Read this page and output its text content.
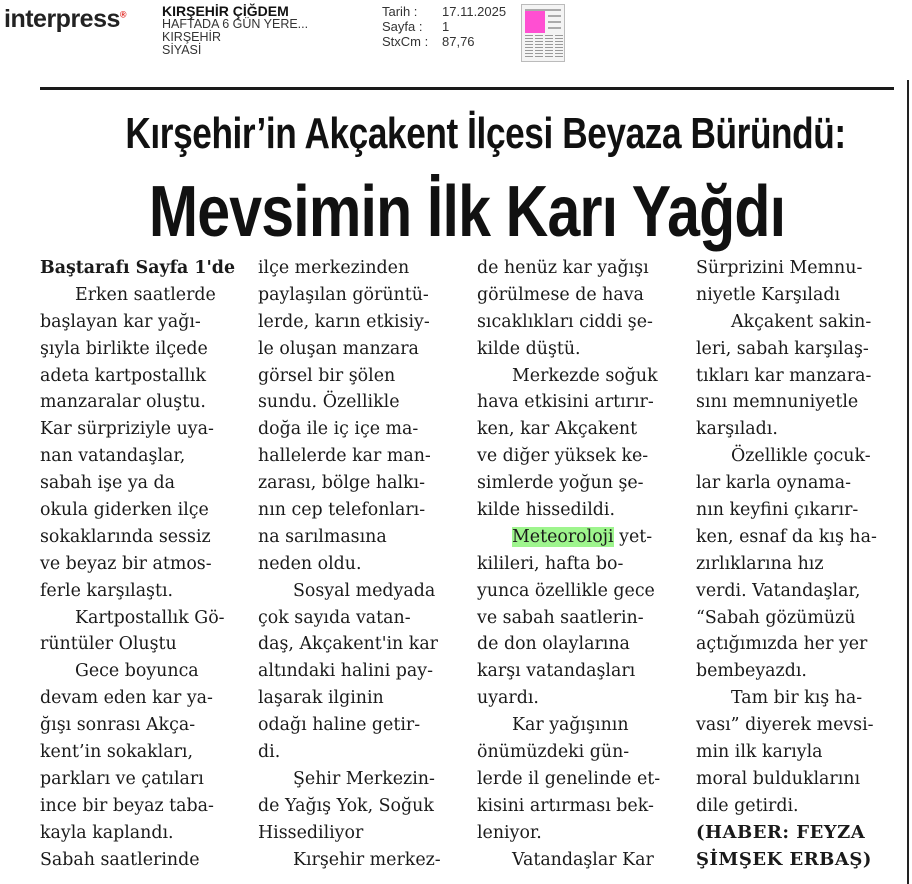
interpress®	KIRŞEHİR ÇİĞDEM
HAFTADA 6 GÜN YERE...
KIRŞEHİR
SİYASİ
Tarih :	17.11.2025
Sayfa :	1
StxCm :	87,76
Kırşehir’in Akçakent İlçesi Beyaza Büründü:
Mevsimin İlk Karı Yağdı
Baştarafı Sayfa 1'de
Erken saatlerde
başlayan kar yağı-
şıyla birlikte ilçede
adeta kartpostallık
manzaralar oluştu.
Kar sürpriziyle uya-
nan vatandaşlar,
sabah işe ya da
okula giderken ilçe
sokaklarında sessiz
ve beyaz bir atmos-
ferle karşılaştı.
Kartpostallık Gö-
rüntüler Oluştu
Gece boyunca
devam eden kar ya-
ğışı sonrası Akça-
kent’in sokakları,
parkları ve çatıları
ince bir beyaz taba-
kayla kaplandı.
Sabah saatlerinde
ilçe merkezinden
paylaşılan görüntü-
lerde, karın etkisiy-
le oluşan manzara
görsel bir şölen
sundu. Özellikle
doğa ile iç içe ma-
hallelerde kar man-
zarası, bölge halkı-
nın cep telefonları-
na sarılmasına
neden oldu.
Sosyal medyada
çok sayıda vatan-
daş, Akçakent'in kar
altındaki halini pay-
laşarak ilginin
odağı haline getir-
di.
Şehir Merkezin-
de Yağış Yok, Soğuk
Hissediliyor
Kırşehir merkez-
de henüz kar yağışı
görülmese de hava
sıcaklıkları ciddi şe-
kilde düştü.
Merkezde soğuk
hava etkisini artırır-
ken, kar Akçakent
ve diğer yüksek ke-
simlerde yoğun şe-
kilde hissedildi.
Meteoroloji yet-
kilileri, hafta bo-
yunca özellikle gece
ve sabah saatlerin-
de don olaylarına
karşı vatandaşları
uyardı.
Kar yağışının
önümüzdeki gün-
lerde il genelinde et-
kisini artırması bek-
leniyor.
Vatandaşlar Kar
Sürprizini Memnu-
niyetle Karşıladı
Akçakent sakin-
leri, sabah karşılaş-
tıkları kar manzara-
sını memnuniyetle
karşıladı.
Özellikle çocuk-
lar karla oynama-
nın keyfini çıkarır-
ken, esnaf da kış ha-
zırlıklarına hız
verdi. Vatandaşlar,
“Sabah gözümüzü
açtığımızda her yer
bembeyazdı.
Tam bir kış ha-
vası” diyerek mevsi-
min ilk karıyla
moral bulduklarını
dile getirdi.
(HABER: FEYZA
ŞİMŞEK ERBAŞ)
